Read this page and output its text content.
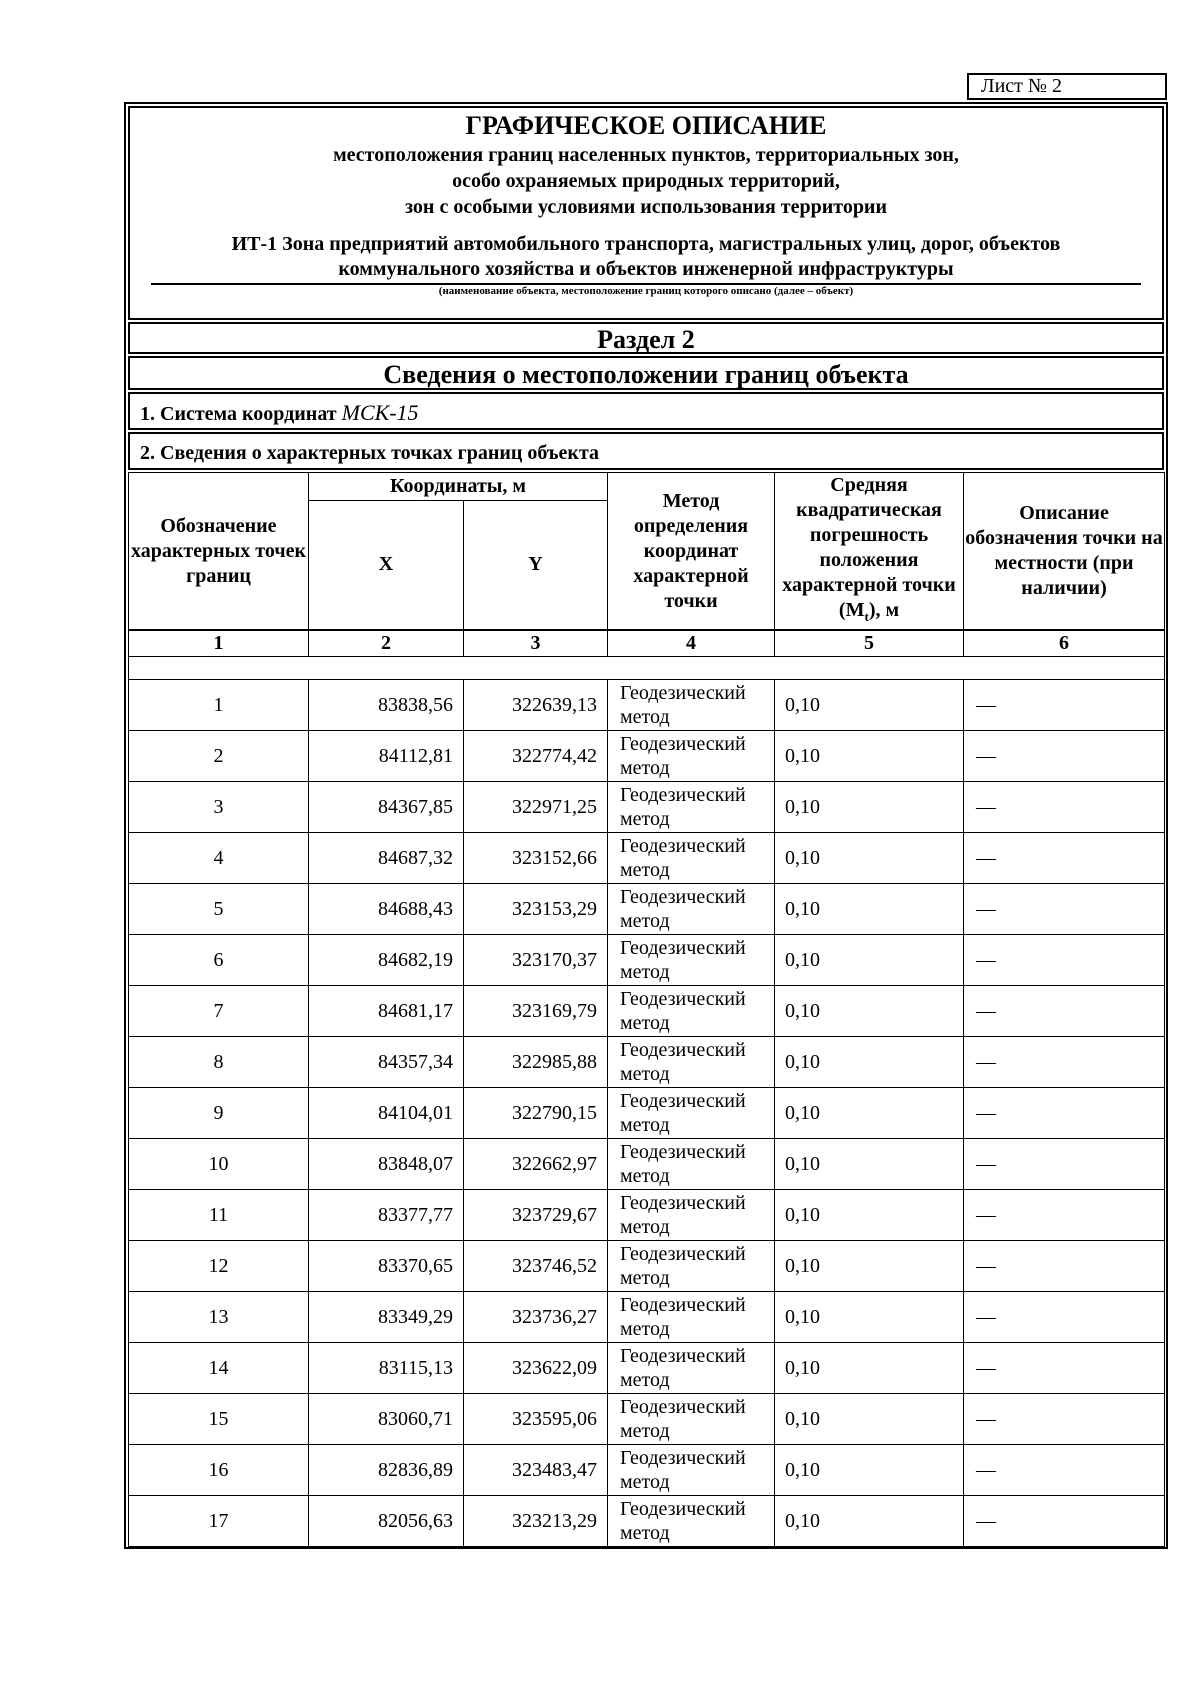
Лист № 2
ГРАФИЧЕСКОЕ ОПИСАНИЕ
местоположения границ населенных пунктов, территориальных зон,
особо охраняемых природных территорий,
зон с особыми условиями использования территории
ИТ-1 Зона предприятий автомобильного транспорта, магистральных улиц, дорог, объектов
коммунального хозяйства и объектов инженерной инфраструктуры
(наименование объекта, местоположение границ которого описано (далее – объект)
Раздел 2
Сведения о местоположении границ объекта
1. Система координат МСК-15
2. Сведения о характерных точках границ объекта
Обозначение характерных точек границ	Координаты, м		Метод определения координат характерной точки	Средняя квадратическая погрешность положения характерной точки $(M_t)$, м	Описание обозначения точки на местности (при наличии)
	X	Y			
1	2	3	4	5	6

1	83838,56	322639,13	Геодезический метод	0,10	—
2	84112,81	322774,42	Геодезический метод	0,10	—
3	84367,85	322971,25	Геодезический метод	0,10	—
4	84687,32	323152,66	Геодезический метод	0,10	—
5	84688,43	323153,29	Геодезический метод	0,10	—
6	84682,19	323170,37	Геодезический метод	0,10	—
7	84681,17	323169,79	Геодезический метод	0,10	—
8	84357,34	322985,88	Геодезический метод	0,10	—
9	84104,01	322790,15	Геодезический метод	0,10	—
10	83848,07	322662,97	Геодезический метод	0,10	—
11	83377,77	323729,67	Геодезический метод	0,10	—
12	83370,65	323746,52	Геодезический метод	0,10	—
13	83349,29	323736,27	Геодезический метод	0,10	—
14	83115,13	323622,09	Геодезический метод	0,10	—
15	83060,71	323595,06	Геодезический метод	0,10	—
16	82836,89	323483,47	Геодезический метод	0,10	—
17	82056,63	323213,29	Геодезический метод	0,10	—
